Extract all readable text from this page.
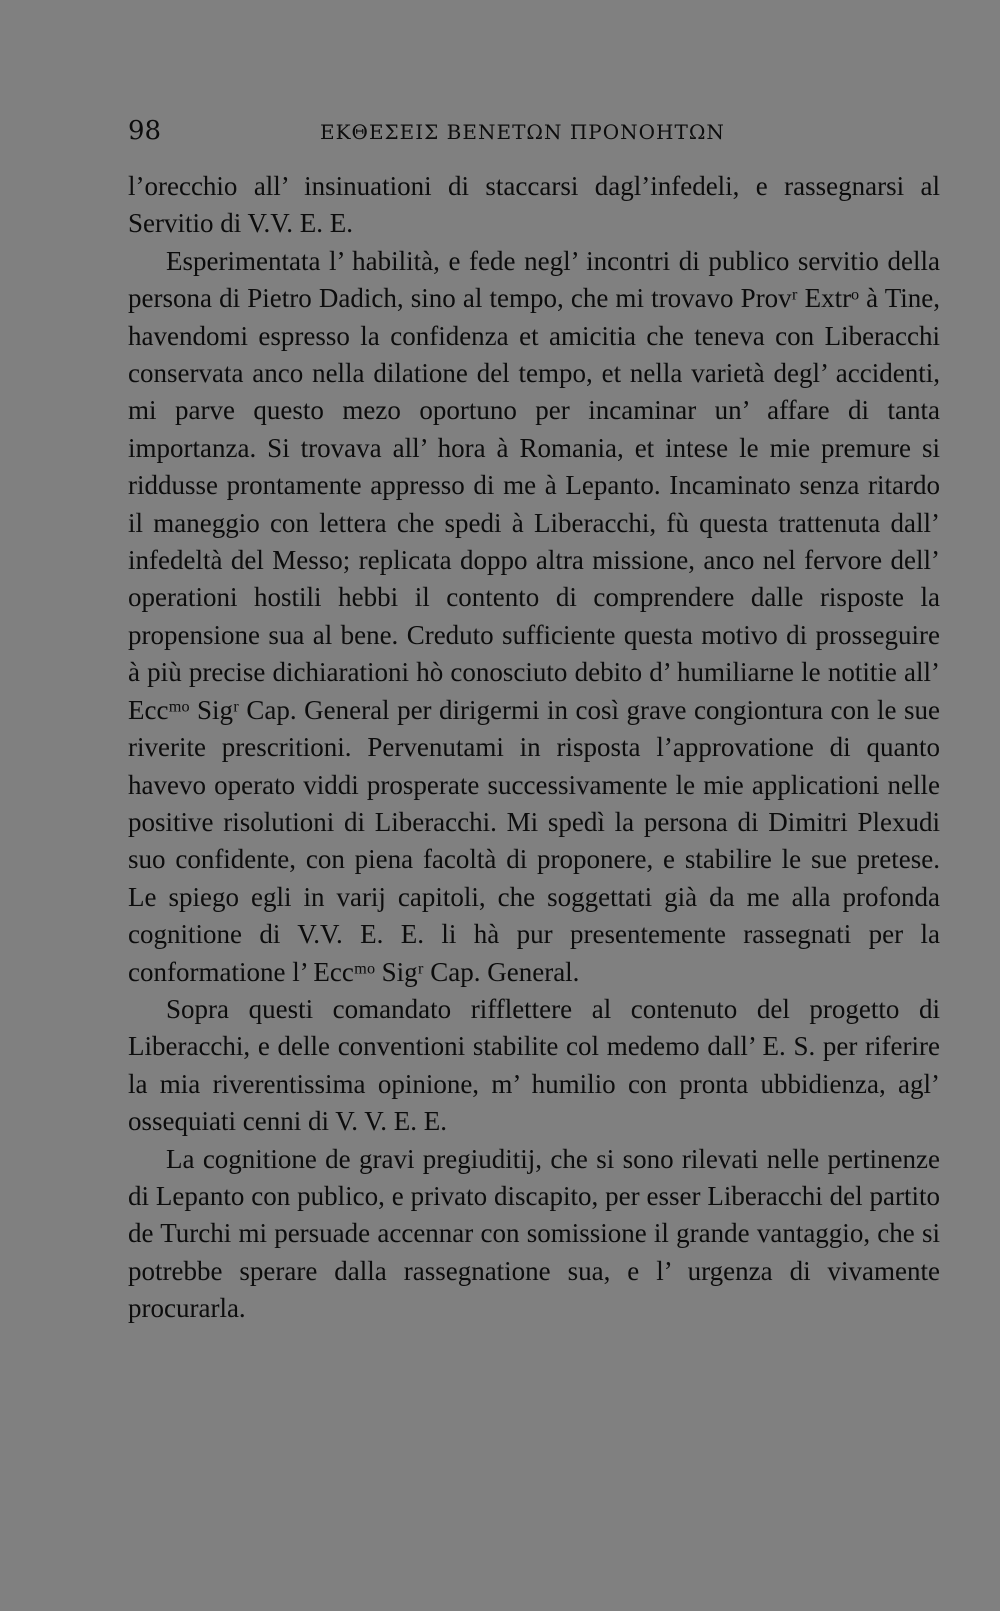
98	ΕΚΘΕΣΕΙΣ ΒΕΝΕΤΩΝ ΠΡΟΝΟΗΤΩΝ

l’orecchio all’ insinuationi di staccarsi dagl’infedeli, e rassegnarsi al Servitio di V.V. E. E.

Esperimentata l’ habilità, e fede negl’ incontri di publico servitio della persona di Pietro Dadich, sino al tempo, che mi trovavo Provʳ Extrᵒ à Tine, havendomi espresso la confidenza et amicitia che teneva con Liberacchi conservata anco nella dilatione del tempo, et nella varietà degl’ accidenti, mi parve questo mezo oportuno per incaminar un’ affare di tanta importanza. Si trovava all’ hora à Romania, et intese le mie premure si riddusse prontamente appresso di me à Lepanto. Incaminato senza ritardo il maneggio con lettera che spedi à Liberacchi, fù questa trattenuta dall’ infedeltà del Messo; replicata doppo altra missione, anco nel fervore dell’ operationi hostili hebbi il contento di comprendere dalle risposte la propensione sua al bene. Creduto sufficiente questa motivo di prosseguire à più precise dichiarationi hò conosciuto debito d’ humiliarne le notitie all’ Eccᵐᵒ Sigʳ Cap. General per dirigermi in così grave congiontura con le sue riverite prescritioni. Pervenutami in risposta l’approvatione di quanto havevo operato viddi prosperate successivamente le mie applicationi nelle positive risolutioni di Liberacchi. Mi spedì la persona di Dimitri Plexudi suo confidente, con piena facoltà di proponere, e stabilire le sue pretese. Le spiego egli in varij capitoli, che soggettati già da me alla profonda cognitione di V.V. E. E. li hà pur presentemente rassegnati per la conformatione l’ Eccᵐᵒ Sigʳ Cap. General.

Sopra questi comandato rifflettere al contenuto del progetto di Liberacchi, e delle conventioni stabilite col medemo dall’ E. S. per riferire la mia riverentissima opinione, m’ humilio con pronta ubbidienza, agl’ ossequiati cenni di V. V. E. E.

La cognitione de gravi pregiuditij, che si sono rilevati nelle pertinenze di Lepanto con publico, e privato discapito, per esser Liberacchi del partito de Turchi mi persuade accennar con somissione il grande vantaggio, che si potrebbe sperare dalla rassegnatione sua, e l’ urgenza di vivamente procurarla.
